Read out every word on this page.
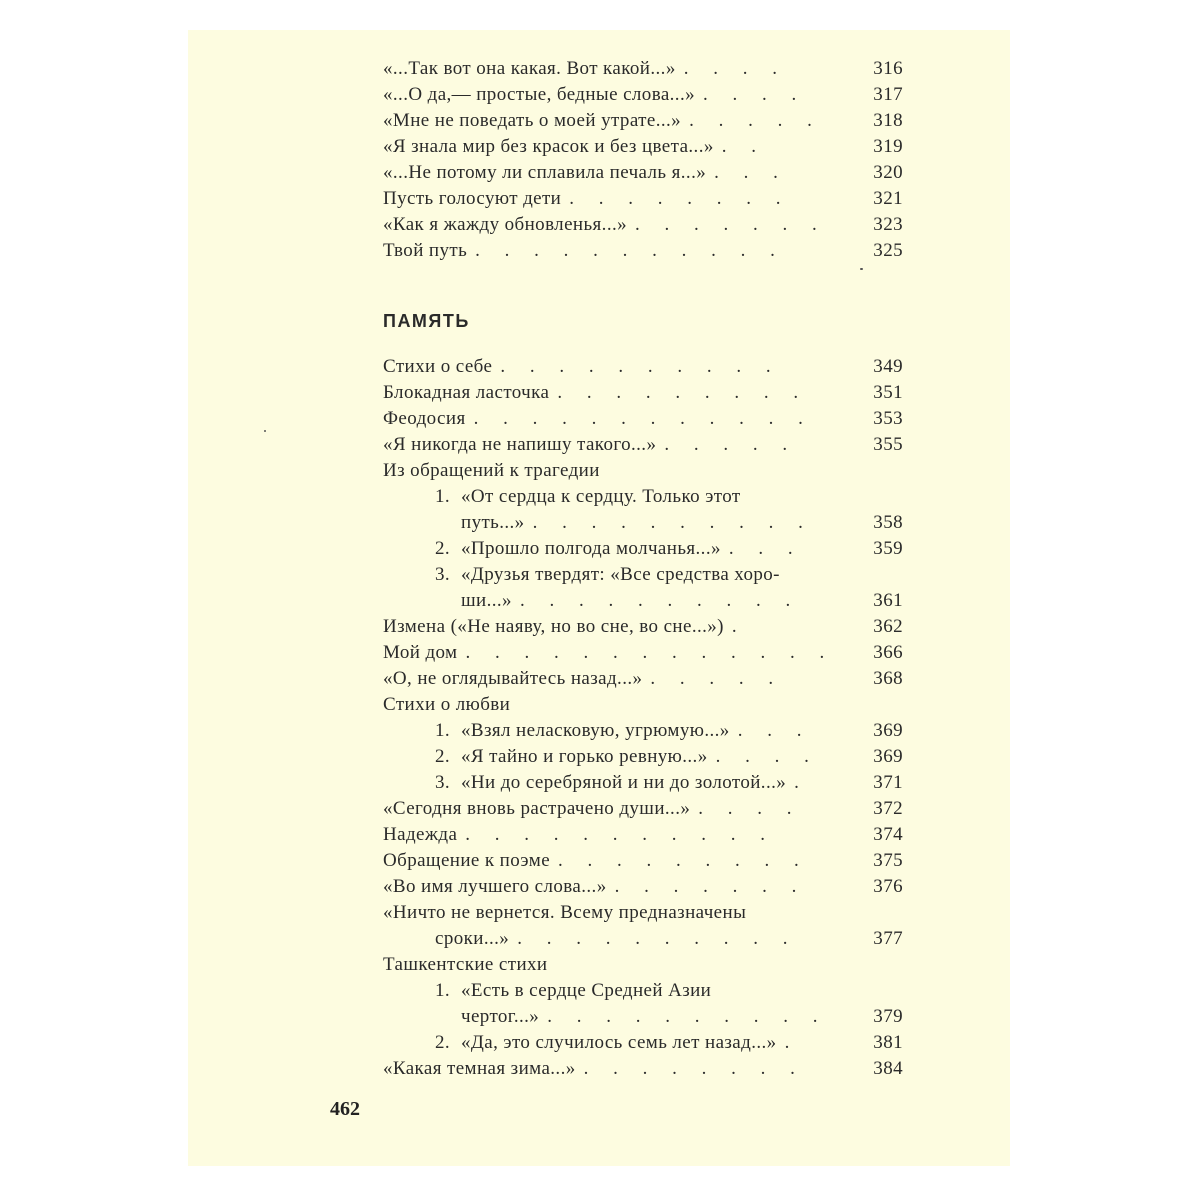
«...Так вот она какая. Вот какой...» . . . .	316
«...О да,— простые, бедные слова...» . . . .	317
«Мне не поведать о моей утрате...» . . . . .	318
«Я знала мир без красок и без цвета...» . .	319
«...Не потому ли сплавила печаль я...» . . .	320
Пусть голосуют дети . . . . . . . .	321
«Как я жажду обновленья...» . . . . . . . 323
Твой путь . . . . . . . . . . .	325
ПАМЯТЬ
Стихи о себе . . . . . . . . . .	349
Блокадная ласточка . . . . . . . . .	351
Феодосия . . . . . . . . . . . .	353
«Я никогда не напишу такого...» . . . . .	355
Из обращений к трагедии
1. «От сердца к сердцу. Только этот
путь...» . . . . . . . . . .	358
2. «Прошло полгода молчанья...» . . .	359
3. «Друзья твердят: «Все средства хоро-
ши...» . . . . . . . . . .	361
Измена («Не наяву, но во сне, во сне...») .	362
Мой дом . . . . . . . . . . . . . 366
«О, не оглядывайтесь назад...» . . . . .	368
Стихи о любви
1. «Взял неласковую, угрюмую...» . . .	369
2. «Я тайно и горько ревную...» . . . .	369
3. «Ни до серебряной и ни до золотой...» .	371
«Сегодня вновь растрачено души...» . . . .	372
Надежда . . . . . . . . . . .	374
Обращение к поэме . . . . . . . . .	375
«Во имя лучшего слова...» . . . . . . .	376
«Ничто не вернется. Всему предназначены
сроки...» . . . . . . . . . .	377
Ташкентские стихи
1. «Есть в сердце Средней Азии
чертог...» . . . . . . . . . . 379
2. «Да, это случилось семь лет назад...» .	381
«Какая темная зима...» . . . . . . . .	384
462
